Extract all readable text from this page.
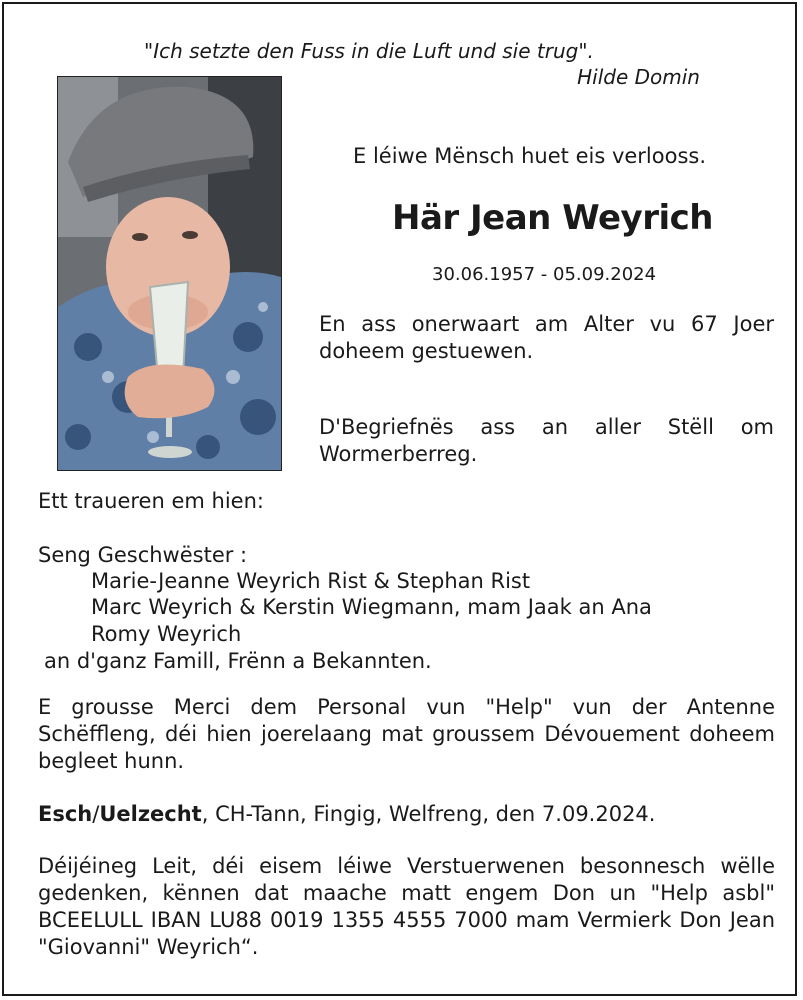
"Ich setzte den Fuss in die Luft und sie trug".
Hilde Domin
E léiwe Mënsch huet eis verlooss.
Här Jean Weyrich
30.06.1957 - 05.09.2024
En ass onerwaart am Alter vu 67 Joer doheem gestuewen.
D'Begriefnës ass an aller Stëll om Wormerberreg.
Ett traueren em hien:
Seng Geschwëster :
Marie-Jeanne Weyrich Rist & Stephan Rist
Marc Weyrich & Kerstin Wiegmann, mam Jaak an Ana
Romy Weyrich
an d'ganz Famill, Frënn a Bekannten.
E grousse Merci dem Personal vun "Help" vun der Antenne Schëffleng, déi hien joerelaang mat groussem Dévouement doheem begleet hunn.
Esch/Uelzecht, CH-Tann, Fingig, Welfreng, den 7.09.2024.
Déijéineg Leit, déi eisem léiwe Verstuerwenen besonnesch wëlle gedenken, kënnen dat maache matt engem Don un "Help asbl" BCEELULL IBAN LU88 0019 1355 4555 7000 mam Vermierk Don Jean "Giovanni" Weyrich“.
